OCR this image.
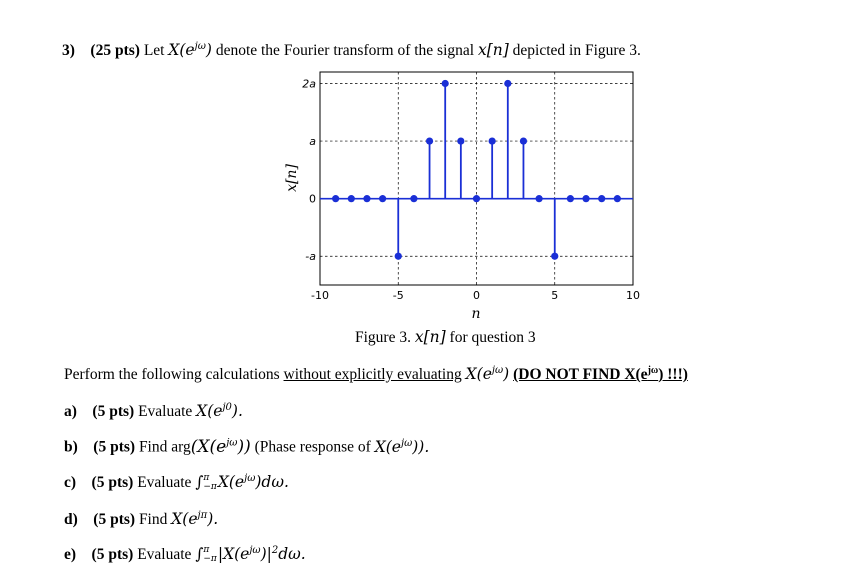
3) (25 pts) Let $X(e^{j\omega})$ denote the Fourier transform of the signal x[n] depicted in Figure 3.
-10	-5	0	5	10
2a
a
0
-a
x[n]
n
Figure 3. x[n] for question 3
Perform the following calculations without explicitly evaluating $X(e^{j\omega})$ (DO NOT FIND $X(e^{j\omega})$ !!!)
a) (5 pts) Evaluate $X(e^{j0})$.
b) (5 pts) Find $arg(X(e^{j\omega}))$ (Phase response of $X(e^{j\omega})$).
c) (5 pts) Evaluate ∫ π
−π $X(e^{j\omega})d\omega$.
d) (5 pts) Find $X(e^{j\pi})$.
e) (5 pts) Evaluate ∫ π
−π $|X(e^{j\omega})|^2d\omega$.
